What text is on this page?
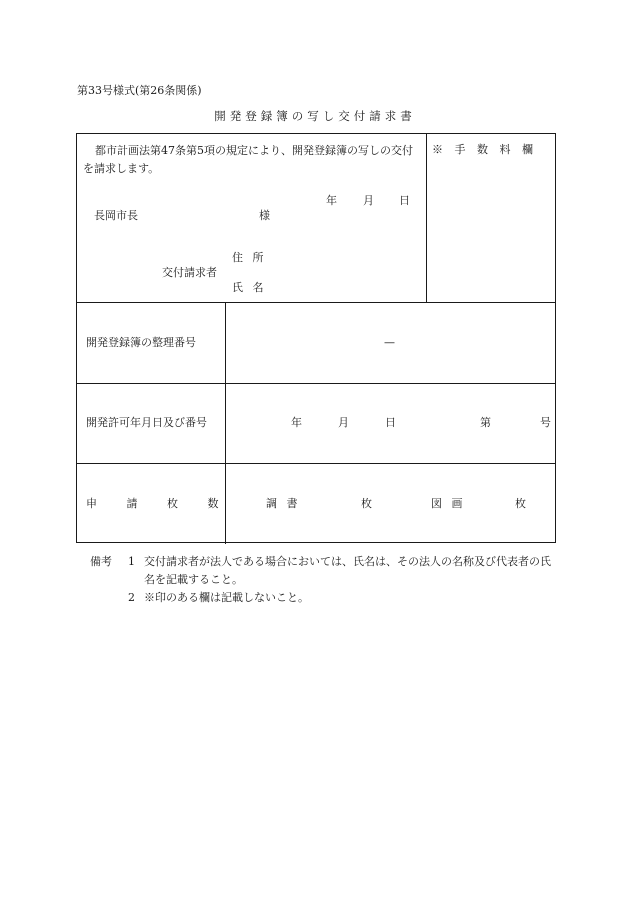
第33号様式(第26条関係)
開発登録簿の写し交付請求書
都市計画法第47条第5項の規定により、開発登録簿の写しの交付を請求します。
※ 手 数 料 欄
年 月 日
長岡市長	様
住 所
交付請求者
氏 名
開発登録簿の整理番号	—
開発許可年月日及び番号	年	月	日	第	号
申 請 枚 数	調 書	枚	図 画	枚
備考	1 交付請求者が法人である場合においては、氏名は、その法人の名称及び代表者の氏名を記載すること。
2 ※印のある欄は記載しないこと。
